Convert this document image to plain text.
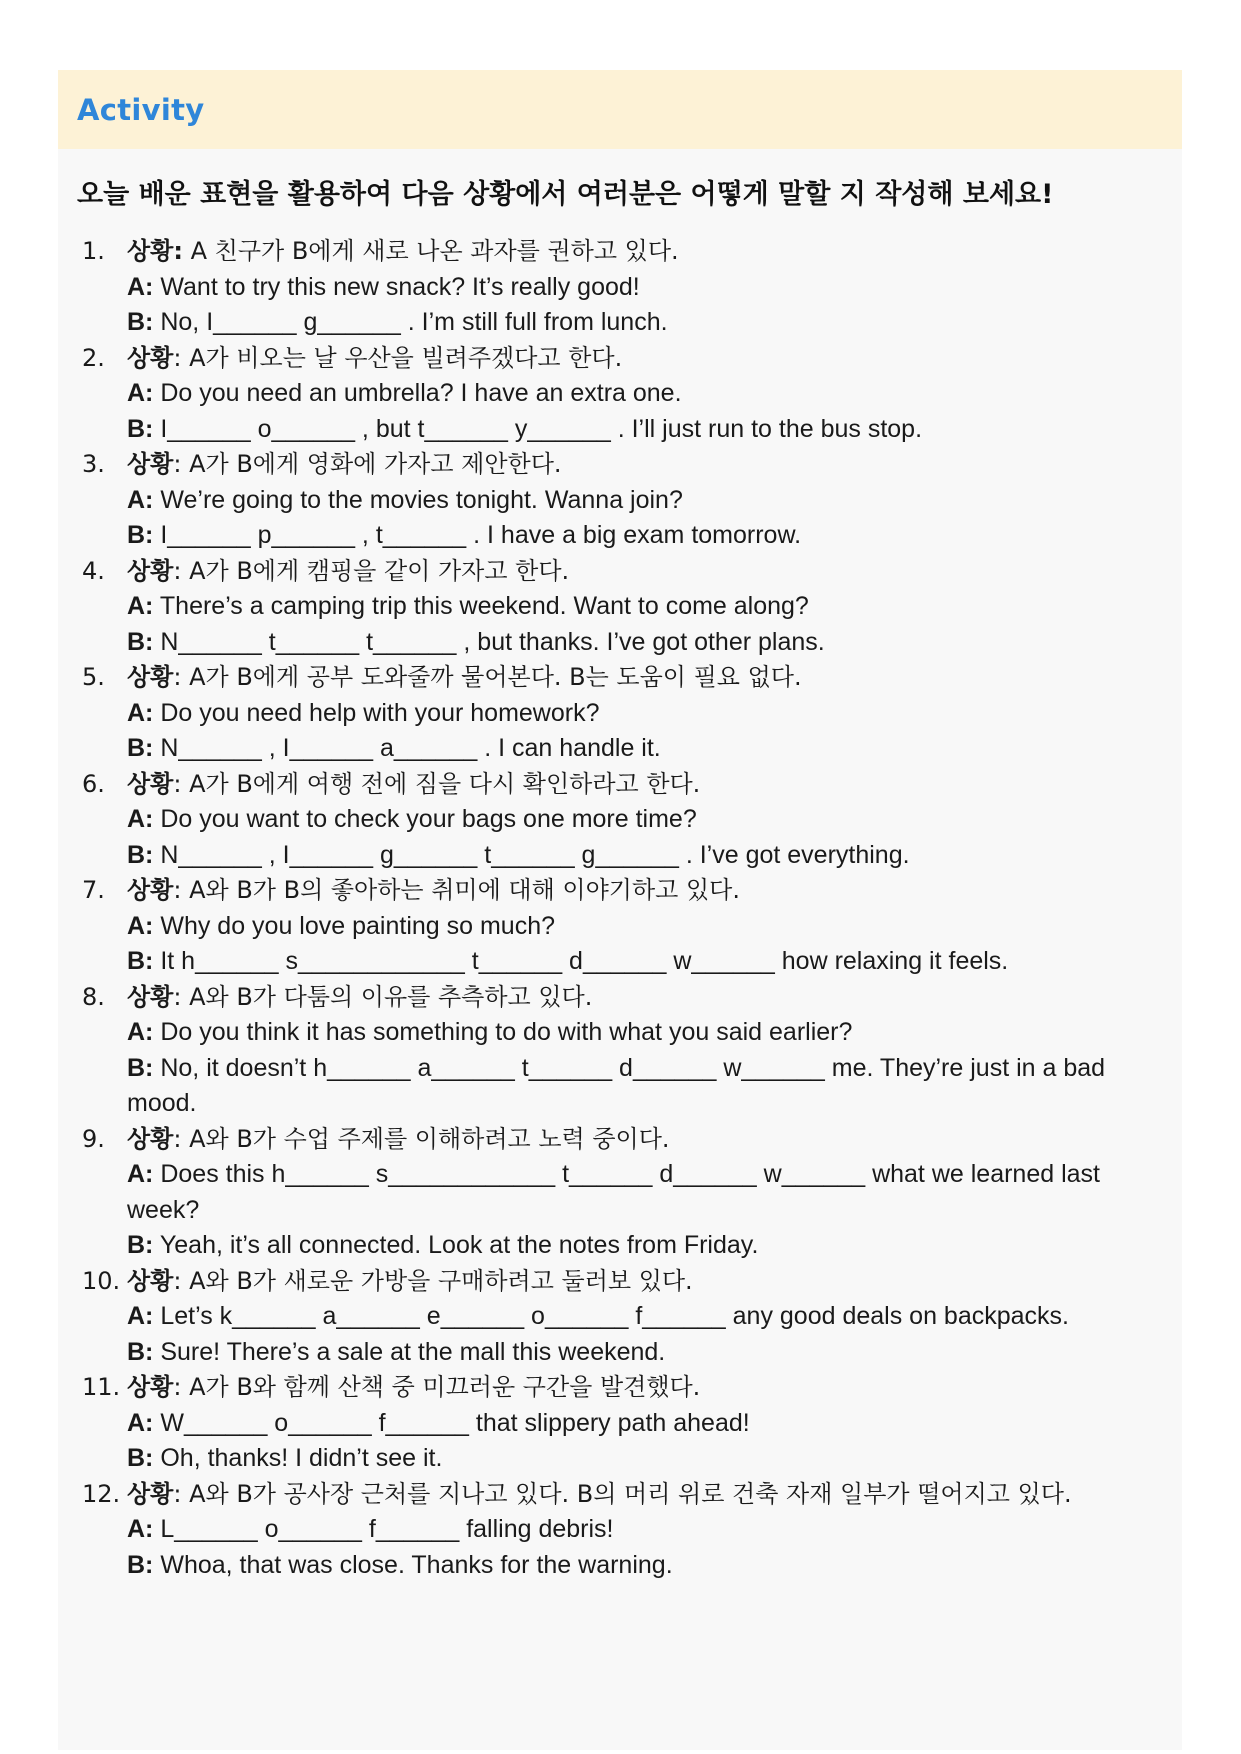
Activity
오늘 배운 표현을 활용하여 다음 상황에서 여러분은 어떻게 말할 지 작성해 보세요!
1. 상황: A 친구가 B에게 새로 나온 과자를 권하고 있다.
A: Want to try this new snack? It’s really good!
B: No, I______ g______ . I’m still full from lunch.
2. 상황: A가 비오는 날 우산을 빌려주겠다고 한다.
A: Do you need an umbrella? I have an extra one.
B: I______ o______ , but t______ y______ . I’ll just run to the bus stop.
3. 상황: A가 B에게 영화에 가자고 제안한다.
A: We’re going to the movies tonight. Wanna join?
B: I______ p______ , t______ . I have a big exam tomorrow.
4. 상황: A가 B에게 캠핑을 같이 가자고 한다.
A: There’s a camping trip this weekend. Want to come along?
B: N______ t______ t______ , but thanks. I’ve got other plans.
5. 상황: A가 B에게 공부 도와줄까 물어본다. B는 도움이 필요 없다.
A: Do you need help with your homework?
B: N______ , I______ a______ . I can handle it.
6. 상황: A가 B에게 여행 전에 짐을 다시 확인하라고 한다.
A: Do you want to check your bags one more time?
B: N______ , I______ g______ t______ g______ . I’ve got everything.
7. 상황: A와 B가 B의 좋아하는 취미에 대해 이야기하고 있다.
A: Why do you love painting so much?
B: It h______ s____________ t______ d______ w______ how relaxing it feels.
8. 상황: A와 B가 다툼의 이유를 추측하고 있다.
A: Do you think it has something to do with what you said earlier?
B: No, it doesn’t h______ a______ t______ d______ w______ me. They’re just in a bad mood.
9. 상황: A와 B가 수업 주제를 이해하려고 노력 중이다.
A: Does this h______ s____________ t______ d______ w______ what we learned last week?
B: Yeah, it’s all connected. Look at the notes from Friday.
10. 상황: A와 B가 새로운 가방을 구매하려고 둘러보 있다.
A: Let’s k______ a______ e______ o______ f______ any good deals on backpacks.
B: Sure! There’s a sale at the mall this weekend.
11. 상황: A가 B와 함께 산책 중 미끄러운 구간을 발견했다.
A: W______ o______ f______ that slippery path ahead!
B: Oh, thanks! I didn’t see it.
12. 상황: A와 B가 공사장 근처를 지나고 있다. B의 머리 위로 건축 자재 일부가 떨어지고 있다.
A: L______ o______ f______ falling debris!
B: Whoa, that was close. Thanks for the warning.
